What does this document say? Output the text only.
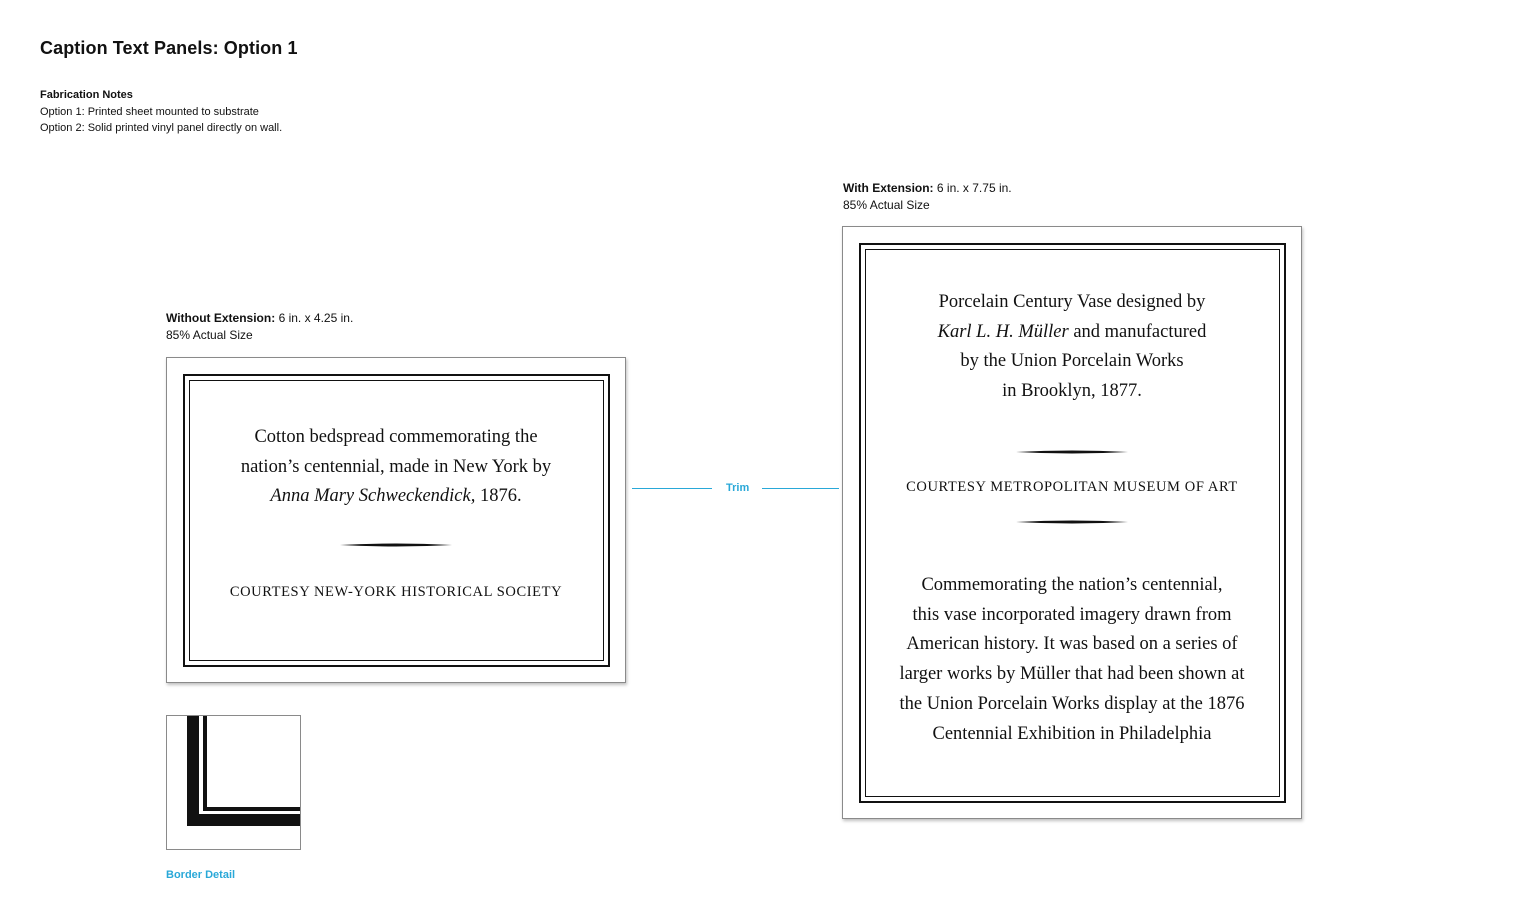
Caption Text Panels: Option 1
Fabrication Notes
Option 1: Printed sheet mounted to substrate
Option 2: Solid printed vinyl panel directly on wall.
Without Extension: 6 in. x 4.25 in.
85% Actual Size
Cotton bedspread commemorating the
nation’s centennial, made in New York by
Anna Mary Schweckendick, 1876.
COURTESY NEW-YORK HISTORICAL SOCIETY
Trim
With Extension: 6 in. x 7.75 in.
85% Actual Size
Porcelain Century Vase designed by
Karl L. H. Müller and manufactured
by the Union Porcelain Works
in Brooklyn, 1877.
COURTESY METROPOLITAN MUSEUM OF ART
Commemorating the nation’s centennial,
this vase incorporated imagery drawn from
American history. It was based on a series of
larger works by Müller that had been shown at
the Union Porcelain Works display at the 1876
Centennial Exhibition in Philadelphia
Border Detail
